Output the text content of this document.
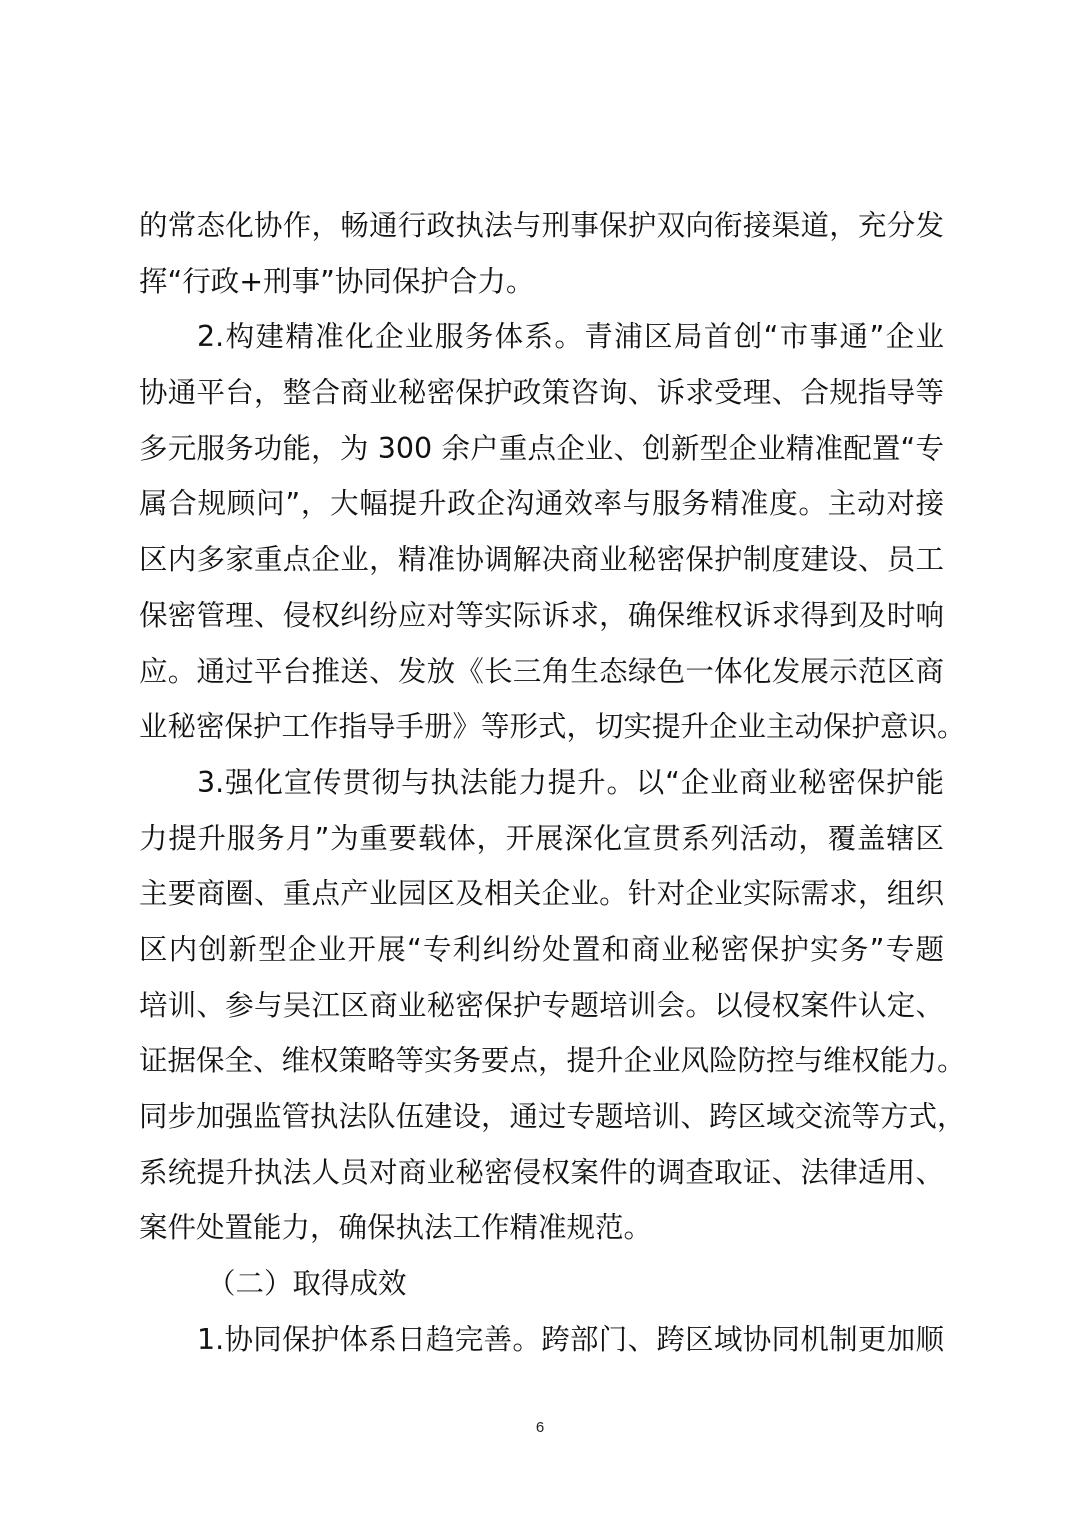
的常态化协作，畅通行政执法与刑事保护双向衔接渠道，充分发
挥“行政+刑事”协同保护合力。
2.构建精准化企业服务体系。青浦区局首创“市事通”企业
协通平台，整合商业秘密保护政策咨询、诉求受理、合规指导等
多元服务功能，为 300 余户重点企业、创新型企业精准配置“专
属合规顾问”，大幅提升政企沟通效率与服务精准度。主动对接
区内多家重点企业，精准协调解决商业秘密保护制度建设、员工
保密管理、侵权纠纷应对等实际诉求，确保维权诉求得到及时响
应。通过平台推送、发放《长三角生态绿色一体化发展示范区商
业秘密保护工作指导手册》等形式，切实提升企业主动保护意识。
3.强化宣传贯彻与执法能力提升。以“企业商业秘密保护能
力提升服务月”为重要载体，开展深化宣贯系列活动，覆盖辖区
主要商圈、重点产业园区及相关企业。针对企业实际需求，组织
区内创新型企业开展“专利纠纷处置和商业秘密保护实务”专题
培训、参与吴江区商业秘密保护专题培训会。以侵权案件认定、
证据保全、维权策略等实务要点，提升企业风险防控与维权能力。
同步加强监管执法队伍建设，通过专题培训、跨区域交流等方式，
系统提升执法人员对商业秘密侵权案件的调查取证、法律适用、
案件处置能力，确保执法工作精准规范。
（二）取得成效
1.协同保护体系日趋完善。跨部门、跨区域协同机制更加顺
6
